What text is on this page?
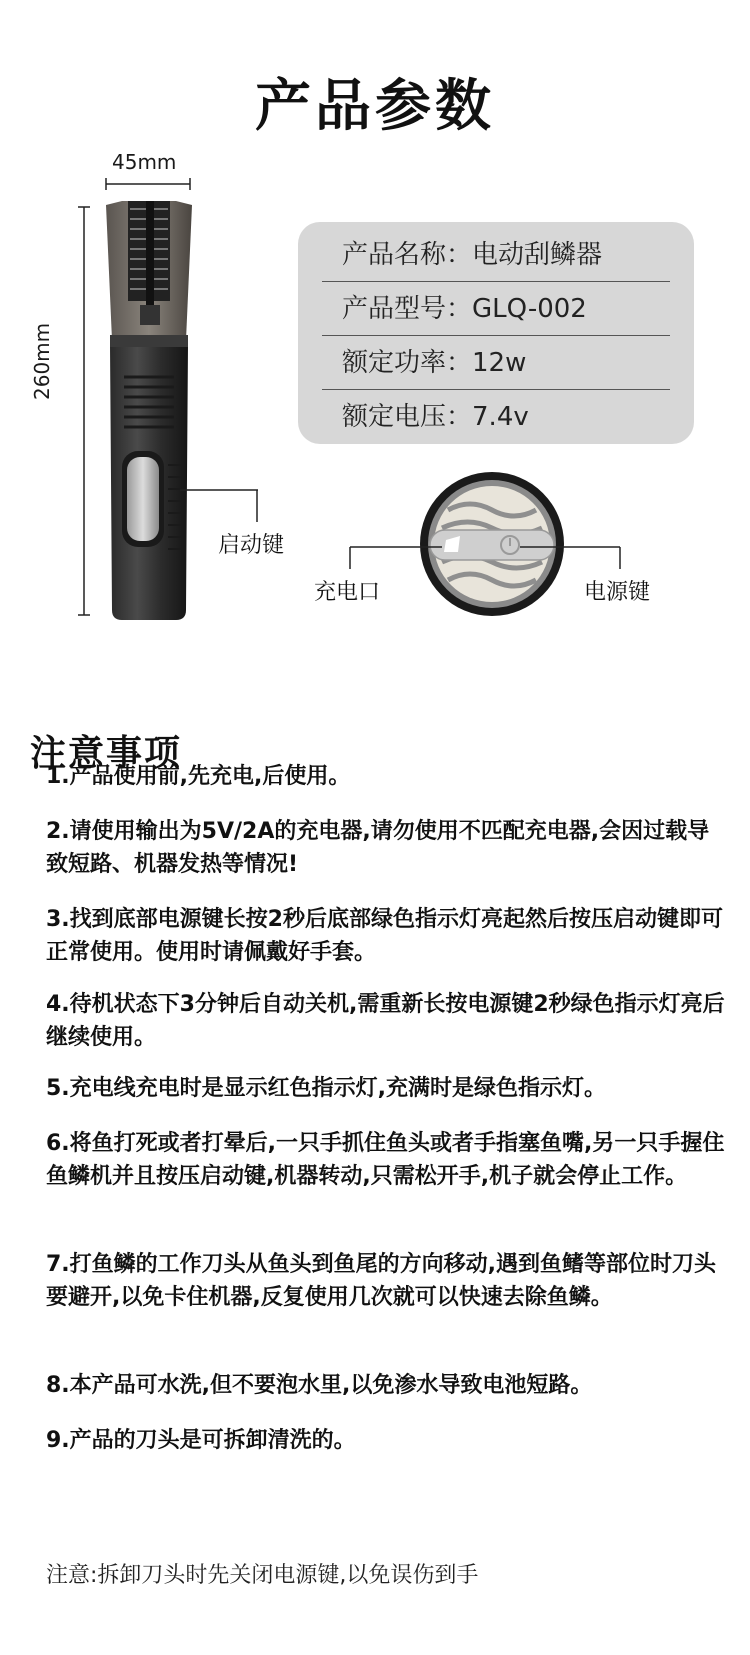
产品参数
45mm
260mm
启动键
产品名称：电动刮鳞器
产品型号：GLQ-002
额定功率：12w
额定电压：7.4v
充电口	电源键
注意事项
1.产品使用前,先充电,后使用。
2.请使用输出为5V/2A的充电器,请勿使用不匹配充电器,会因过载导致短路、机器发热等情况!
3.找到底部电源键长按2秒后底部绿色指示灯亮起然后按压启动键即可正常使用。使用时请佩戴好手套。
4.待机状态下3分钟后自动关机,需重新长按电源键2秒绿色指示灯亮后继续使用。
5.充电线充电时是显示红色指示灯,充满时是绿色指示灯。
6.将鱼打死或者打晕后,一只手抓住鱼头或者手指塞鱼嘴,另一只手握住鱼鳞机并且按压启动键,机器转动,只需松开手,机子就会停止工作。
7.打鱼鳞的工作刀头从鱼头到鱼尾的方向移动,遇到鱼鳍等部位时刀头要避开,以免卡住机器,反复使用几次就可以快速去除鱼鳞。
8.本产品可水洗,但不要泡水里,以免渗水导致电池短路。
9.产品的刀头是可拆卸清洗的。
注意:拆卸刀头时先关闭电源键,以免误伤到手
